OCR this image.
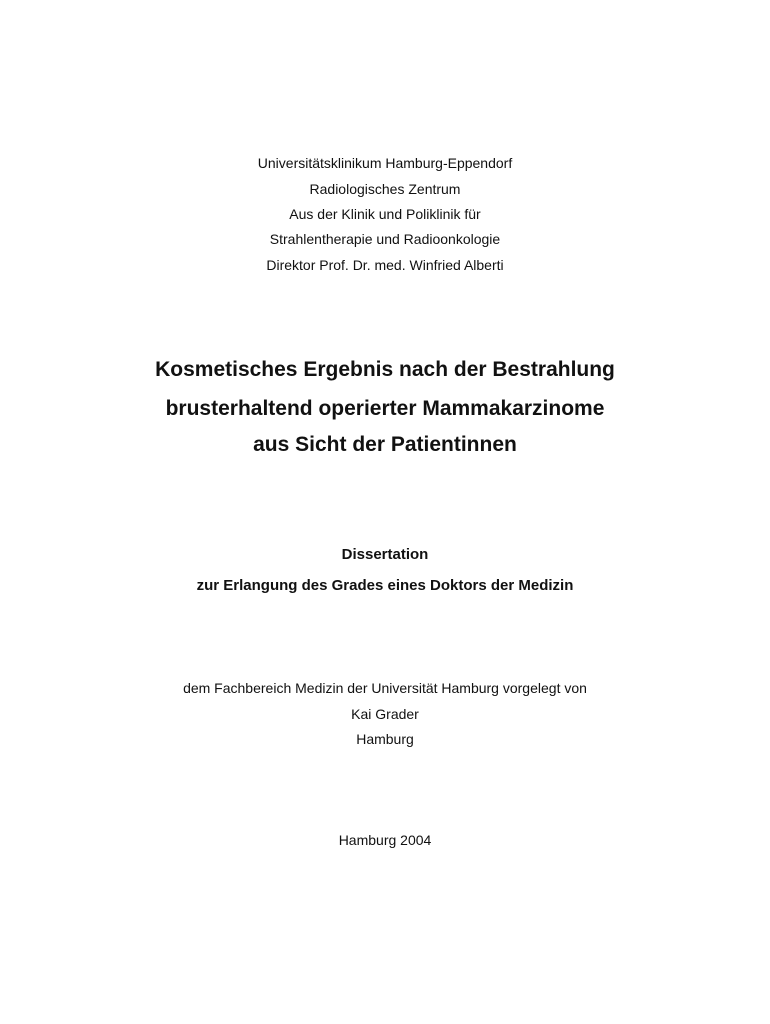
Universitätsklinikum Hamburg-Eppendorf
Radiologisches Zentrum
Aus der Klinik und Poliklinik für
Strahlentherapie und Radioonkologie
Direktor Prof. Dr. med. Winfried Alberti
Kosmetisches Ergebnis nach der Bestrahlung
brusterhaltend operierter Mammakarzinome
aus Sicht der Patientinnen
Dissertation
zur Erlangung des Grades eines Doktors der Medizin
dem Fachbereich Medizin der Universität Hamburg vorgelegt von
Kai Grader
Hamburg
Hamburg 2004
